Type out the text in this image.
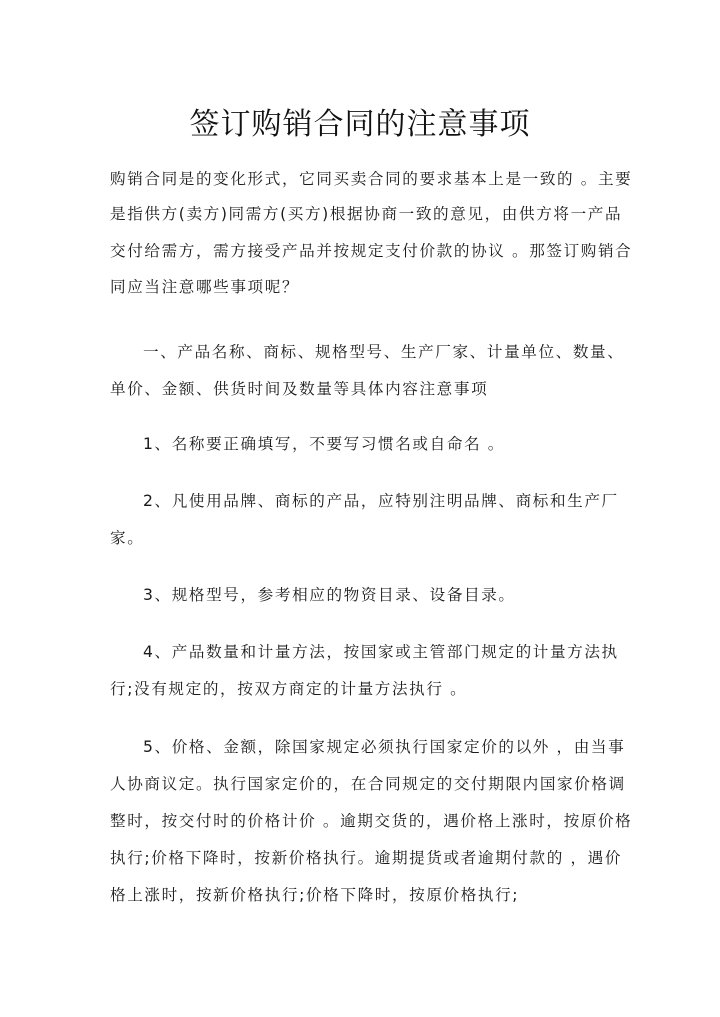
签订购销合同的注意事项
购销合同是的变化形式，它同买卖合同的要求基本上是一致的 。主要
是指供方(卖方)同需方(买方)根据协商一致的意见，由供方将一产品
交付给需方，需方接受产品并按规定支付价款的协议 。那签订购销合
同应当注意哪些事项呢？
一、产品名称、商标、规格型号、生产厂家、计量单位、数量、
单价、金额、供货时间及数量等具体内容注意事项
1、名称要正确填写，不要写习惯名或自命名 。
2、凡使用品牌、商标的产品，应特别注明品牌、商标和生产厂
家。
3、规格型号，参考相应的物资目录、设备目录。
4、产品数量和计量方法，按国家或主管部门规定的计量方法执
行;没有规定的，按双方商定的计量方法执行 。
5、价格、金额，除国家规定必须执行国家定价的以外 ，由当事
人协商议定。执行国家定价的，在合同规定的交付期限内国家价格调
整时，按交付时的价格计价 。逾期交货的，遇价格上涨时，按原价格
执行;价格下降时，按新价格执行。逾期提货或者逾期付款的 ，遇价
格上涨时，按新价格执行;价格下降时，按原价格执行;
